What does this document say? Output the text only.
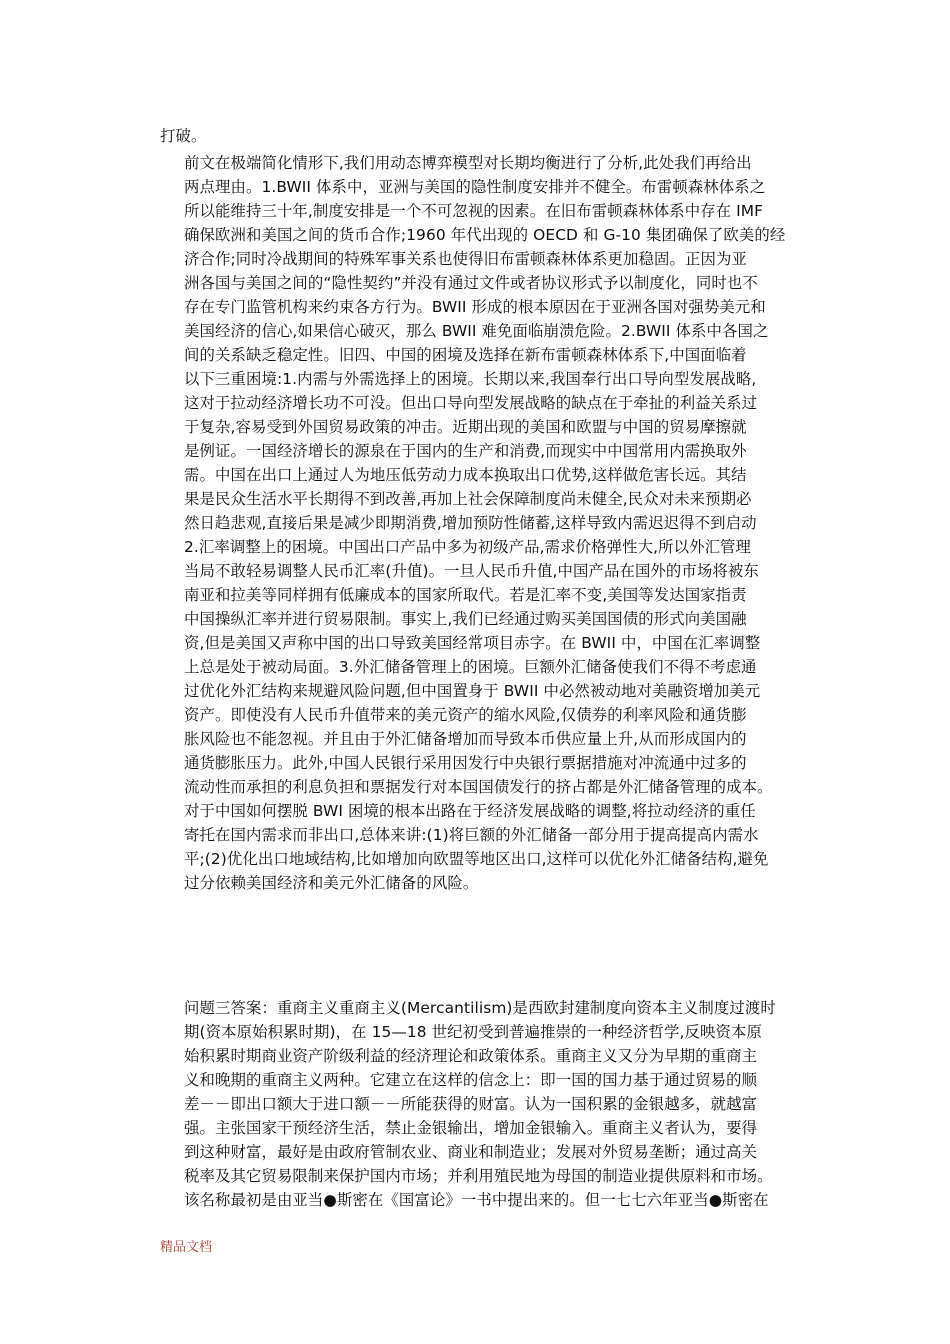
打破。
前文在极端简化情形下,我们用动态博弈模型对长期均衡进行了分析,此处我们再给出
两点理由。1.BWII 体系中，亚洲与美国的隐性制度安排并不健全。布雷顿森林体系之
所以能维持三十年,制度安排是一个不可忽视的因素。在旧布雷顿森林体系中存在 IMF
确保欧洲和美国之间的货币合作;1960 年代出现的 OECD 和 G-10 集团确保了欧美的经
济合作;同时冷战期间的特殊军事关系也使得旧布雷顿森林体系更加稳固。正因为亚
洲各国与美国之间的“隐性契约”并没有通过文件或者协议形式予以制度化，同时也不
存在专门监管机构来约束各方行为。BWII 形成的根本原因在于亚洲各国对强势美元和
美国经济的信心,如果信心破灭，那么 BWII 难免面临崩溃危险。2.BWII 体系中各国之
间的关系缺乏稳定性。旧四、中国的困境及选择在新布雷顿森林体系下,中国面临着
以下三重困境:1.内需与外需选择上的困境。长期以来,我国奉行出口导向型发展战略,
这对于拉动经济增长功不可没。但出口导向型发展战略的缺点在于牵扯的利益关系过
于复杂,容易受到外国贸易政策的冲击。近期出现的美国和欧盟与中国的贸易摩擦就
是例证。一国经济增长的源泉在于国内的生产和消费,而现实中中国常用内需换取外
需。中国在出口上通过人为地压低劳动力成本换取出口优势,这样做危害长远。其结
果是民众生活水平长期得不到改善,再加上社会保障制度尚未健全,民众对未来预期必
然日趋悲观,直接后果是减少即期消费,增加预防性储蓄,这样导致内需迟迟得不到启动
2.汇率调整上的困境。中国出口产品中多为初级产品,需求价格弹性大,所以外汇管理
当局不敢轻易调整人民币汇率(升值)。一旦人民币升值,中国产品在国外的市场将被东
南亚和拉美等同样拥有低廉成本的国家所取代。若是汇率不变,美国等发达国家指责
中国操纵汇率并进行贸易限制。事实上,我们已经通过购买美国国债的形式向美国融
资,但是美国又声称中国的出口导致美国经常项目赤字。在 BWII 中，中国在汇率调整
上总是处于被动局面。3.外汇储备管理上的困境。巨额外汇储备使我们不得不考虑通
过优化外汇结构来规避风险问题,但中国置身于 BWII 中必然被动地对美融资增加美元
资产。即使没有人民币升值带来的美元资产的缩水风险,仅债券的利率风险和通货膨
胀风险也不能忽视。并且由于外汇储备增加而导致本币供应量上升,从而形成国内的
通货膨胀压力。此外,中国人民银行采用因发行中央银行票据措施对冲流通中过多的
流动性而承担的利息负担和票据发行对本国国债发行的挤占都是外汇储备管理的成本。
对于中国如何摆脱 BWⅠ 困境的根本出路在于经济发展战略的调整,将拉动经济的重任
寄托在国内需求而非出口,总体来讲:(1)将巨额的外汇储备一部分用于提高提高内需水
平;(2)优化出口地域结构,比如增加向欧盟等地区出口,这样可以优化外汇储备结构,避免
过分依赖美国经济和美元外汇储备的风险。
问题三答案：重商主义重商主义(Mercantilism)是西欧封建制度向资本主义制度过渡时
期(资本原始积累时期)，在 15—18 世纪初受到普遍推崇的一种经济哲学,反映资本原
始积累时期商业资产阶级利益的经济理论和政策体系。重商主义又分为早期的重商主
义和晚期的重商主义两种。它建立在这样的信念上：即一国的国力基于通过贸易的顺
差－－即出口额大于进口额－－所能获得的财富。认为一国积累的金银越多，就越富
强。主张国家干预经济生活，禁止金银输出，增加金银输入。重商主义者认为，要得
到这种财富，最好是由政府管制农业、商业和制造业；发展对外贸易垄断；通过高关
税率及其它贸易限制来保护国内市场；并利用殖民地为母国的制造业提供原料和市场。
该名称最初是由亚当●斯密在《国富论》一书中提出来的。但一七七六年亚当●斯密在
精品文档
